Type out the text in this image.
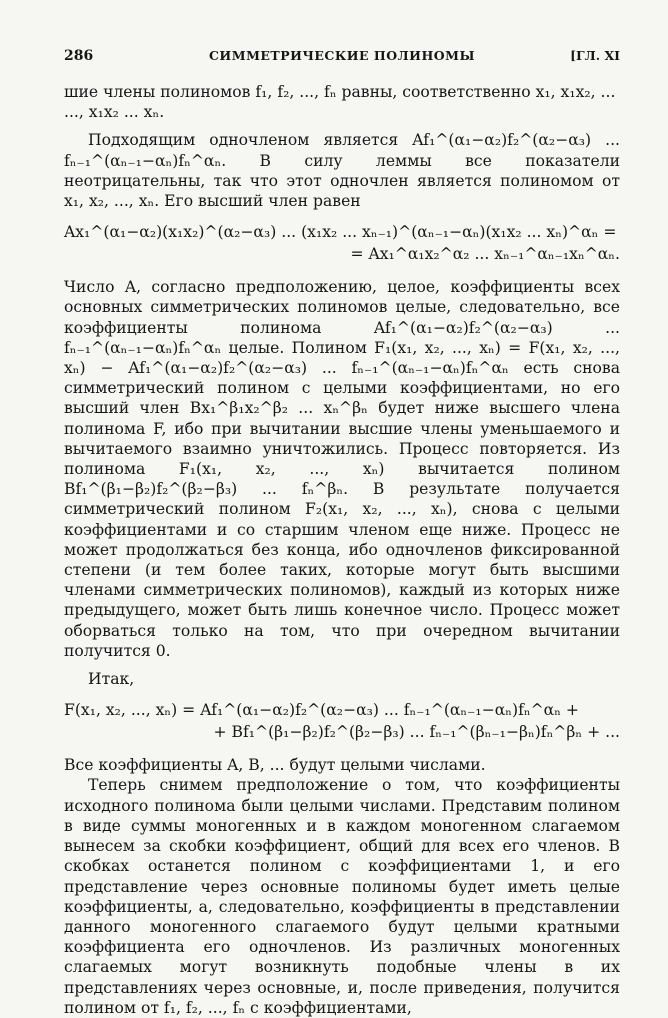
286	СИММЕТРИЧЕСКИЕ ПОЛИНОМЫ	[ГЛ. XI

шие члены полиномов f₁, f₂, ..., fₙ равны, соответственно x₁, x₁x₂, ...

..., x₁x₂ ... xₙ.

Подходящим одночленом является Af₁^(α₁−α₂)f₂^(α₂−α₃) ... fₙ₋₁^(αₙ₋₁−αₙ)fₙ^αₙ. В силу леммы все показатели неотрицательны, так что этот одночлен является полиномом от x₁, x₂, ..., xₙ. Его высший член равен

Ax₁^(α₁−α₂)(x₁x₂)^(α₂−α₃) ... (x₁x₂ ... xₙ₋₁)^(αₙ₋₁−αₙ)(x₁x₂ ... xₙ)^αₙ =
= Ax₁^α₁x₂^α₂ ... xₙ₋₁^αₙ₋₁xₙ^αₙ.

Число A, согласно предположению, целое, коэффициенты всех основных симметрических полиномов целые, следовательно, все коэффициенты полинома Af₁^(α₁−α₂)f₂^(α₂−α₃) ... fₙ₋₁^(αₙ₋₁−αₙ)fₙ^αₙ целые. Полином F₁(x₁, x₂, ..., xₙ) = F(x₁, x₂, ..., xₙ) − Af₁^(α₁−α₂)f₂^(α₂−α₃) ... fₙ₋₁^(αₙ₋₁−αₙ)fₙ^αₙ есть снова симметрический полином с целыми коэффициентами, но его высший член Bx₁^β₁x₂^β₂ ... xₙ^βₙ будет ниже высшего члена полинома F, ибо при вычитании высшие члены уменьшаемого и вычитаемого взаимно уничтожились. Процесс повторяется. Из полинома F₁(x₁, x₂, ..., xₙ) вычитается полином Bf₁^(β₁−β₂)f₂^(β₂−β₃) ... fₙ^βₙ. В результате получается симметрический полином F₂(x₁, x₂, ..., xₙ), снова с целыми коэффициентами и со старшим членом еще ниже. Процесс не может продолжаться без конца, ибо одночленов фиксированной степени (и тем более таких, которые могут быть высшими членами симметрических полиномов), каждый из которых ниже предыдущего, может быть лишь конечное число. Процесс может оборваться только на том, что при очередном вычитании получится 0.

Итак,

F(x₁, x₂, ..., xₙ) = Af₁^(α₁−α₂)f₂^(α₂−α₃) ... fₙ₋₁^(αₙ₋₁−αₙ)fₙ^αₙ +
+ Bf₁^(β₁−β₂)f₂^(β₂−β₃) ... fₙ₋₁^(βₙ₋₁−βₙ)fₙ^βₙ + ...

Все коэффициенты A, B, ... будут целыми числами.

Теперь снимем предположение о том, что коэффициенты исходного полинома были целыми числами. Представим полином в виде суммы моногенных и в каждом моногенном слагаемом вынесем за скобки коэффициент, общий для всех его членов. В скобках останется полином с коэффициентами 1, и его представление через основные полиномы будет иметь целые коэффициенты, а, следовательно, коэффициенты в представлении данного моногенного слагаемого будут целыми кратными коэффициента его одночленов. Из различных моногенных слагаемых могут возникнуть подобные члены в их представлениях через основные, и, после приведения, получится полином от f₁, f₂, ..., fₙ с коэффициентами,
